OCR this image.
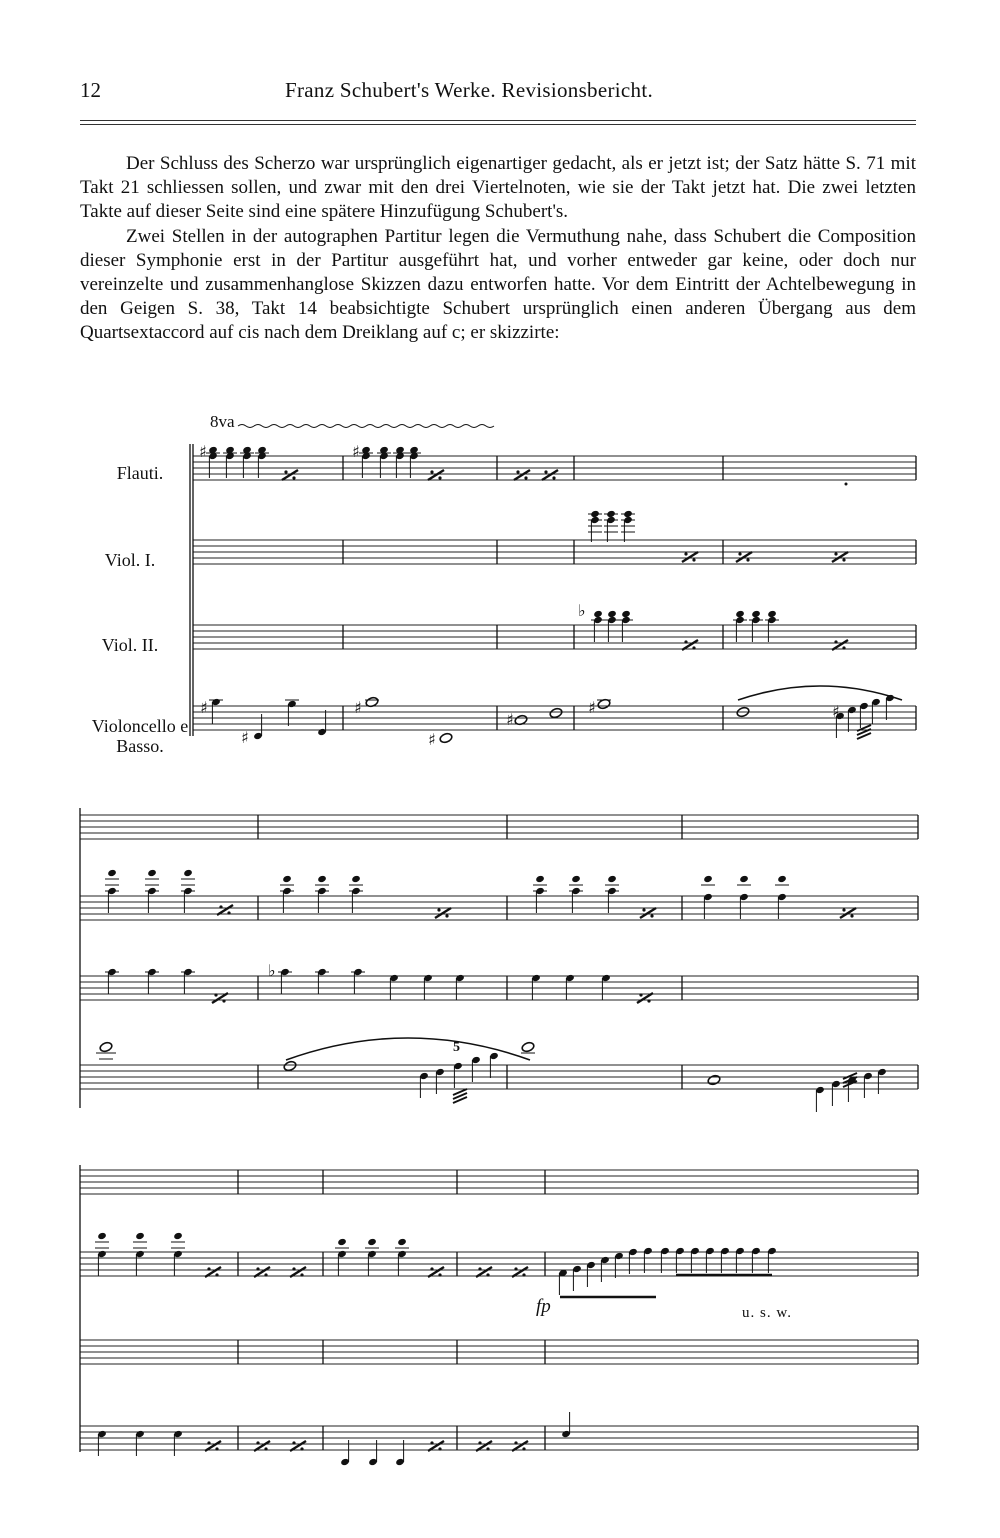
12	Franz Schubert's Werke. Revisionsbericht.

Der Schluss des Scherzo war ursprünglich eigenartiger gedacht, als er jetzt ist; der Satz hätte S. 71 mit Takt 21 schliessen sollen, und zwar mit den drei Viertelnoten, wie sie der Takt jetzt hat. Die zwei letzten Takte auf dieser Seite sind eine spätere Hinzufügung Schubert's.

Zwei Stellen in der autographen Partitur legen die Vermuthung nahe, dass Schubert die Composition dieser Symphonie erst in der Partitur ausgeführt hat, und vorher entweder gar keine, oder doch nur vereinzelte und zusammenhanglose Skizzen dazu entworfen hatte. Vor dem Eintritt der Achtelbewegung in den Geigen S. 38, Takt 14 beabsichtigte Schubert ursprünglich einen anderen Übergang aus dem Quartsextaccord auf cis nach dem Dreiklang auf c; er skizzirte:

8va
Flauti.
Viol. I.
Viol. II.
Violoncello e Basso.
5
fp	u. s. w.
♯	♯
♭
♯
♯
♯
♯
♯
♯	♯
♭
